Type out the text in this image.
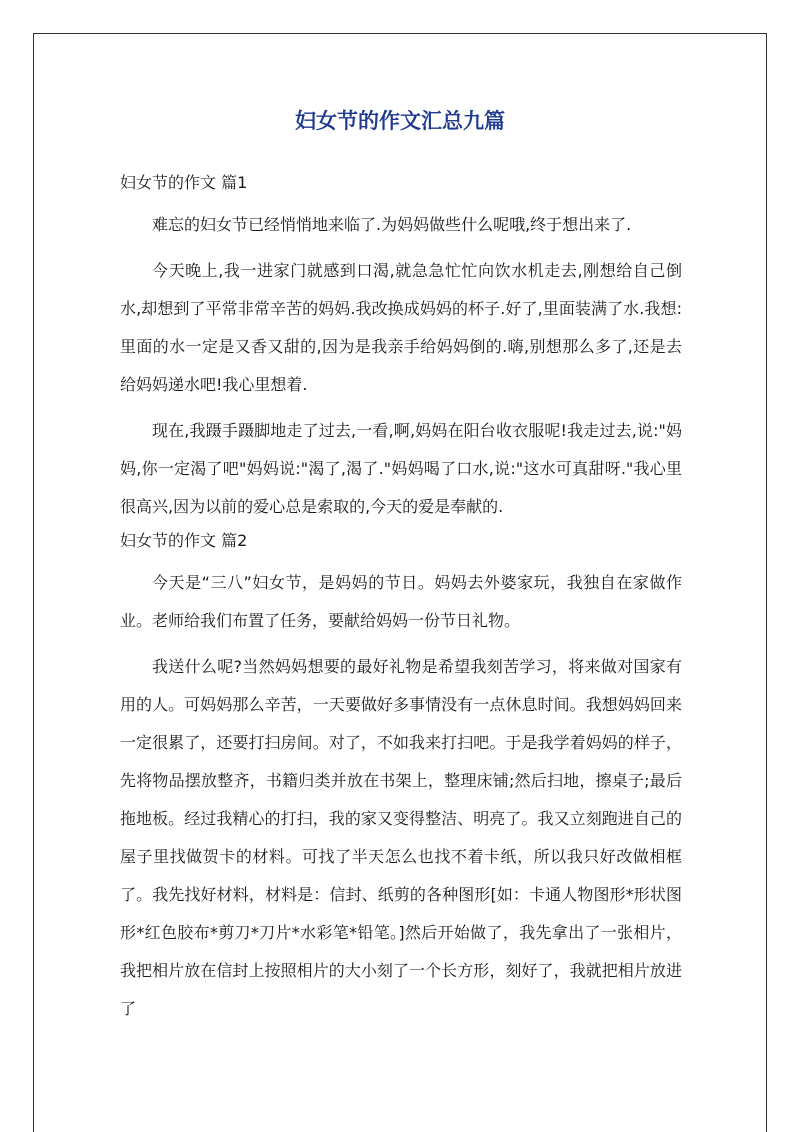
妇女节的作文汇总九篇
妇女节的作文 篇1

难忘的妇女节已经悄悄地来临了.为妈妈做些什么呢哦,终于想出来了.

今天晚上,我一进家门就感到口渴,就急急忙忙向饮水机走去,刚想给自己倒水,却想到了平常非常辛苦的妈妈.我改换成妈妈的杯子.好了,里面装满了水.我想:里面的水一定是又香又甜的,因为是我亲手给妈妈倒的.嗨,别想那么多了,还是去给妈妈递水吧!我心里想着.

现在,我蹑手蹑脚地走了过去,一看,啊,妈妈在阳台收衣服呢!我走过去,说:"妈妈,你一定渴了吧"妈妈说:"渴了,渴了."妈妈喝了口水,说:"这水可真甜呀."我心里很高兴,因为以前的爱心总是索取的,今天的爱是奉献的.

妇女节的作文 篇2

今天是“三八”妇女节，是妈妈的节日。妈妈去外婆家玩，我独自在家做作业。老师给我们布置了任务，要献给妈妈一份节日礼物。

我送什么呢?当然妈妈想要的最好礼物是希望我刻苦学习，将来做对国家有用的人。可妈妈那么辛苦，一天要做好多事情没有一点休息时间。我想妈妈回来一定很累了，还要打扫房间。对了，不如我来打扫吧。于是我学着妈妈的样子，先将物品摆放整齐，书籍归类并放在书架上，整理床铺;然后扫地，擦桌子;最后拖地板。经过我精心的打扫，我的家又变得整洁、明亮了。我又立刻跑进自己的屋子里找做贺卡的材料。可找了半天怎么也找不着卡纸，所以我只好改做相框了。我先找好材料，材料是：信封、纸剪的各种图形[如：卡通人物图形*形状图形*红色胶布*剪刀*刀片*水彩笔*铅笔。]然后开始做了，我先拿出了一张相片，我把相片放在信封上按照相片的大小刻了一个长方形，刻好了，我就把相片放进了
